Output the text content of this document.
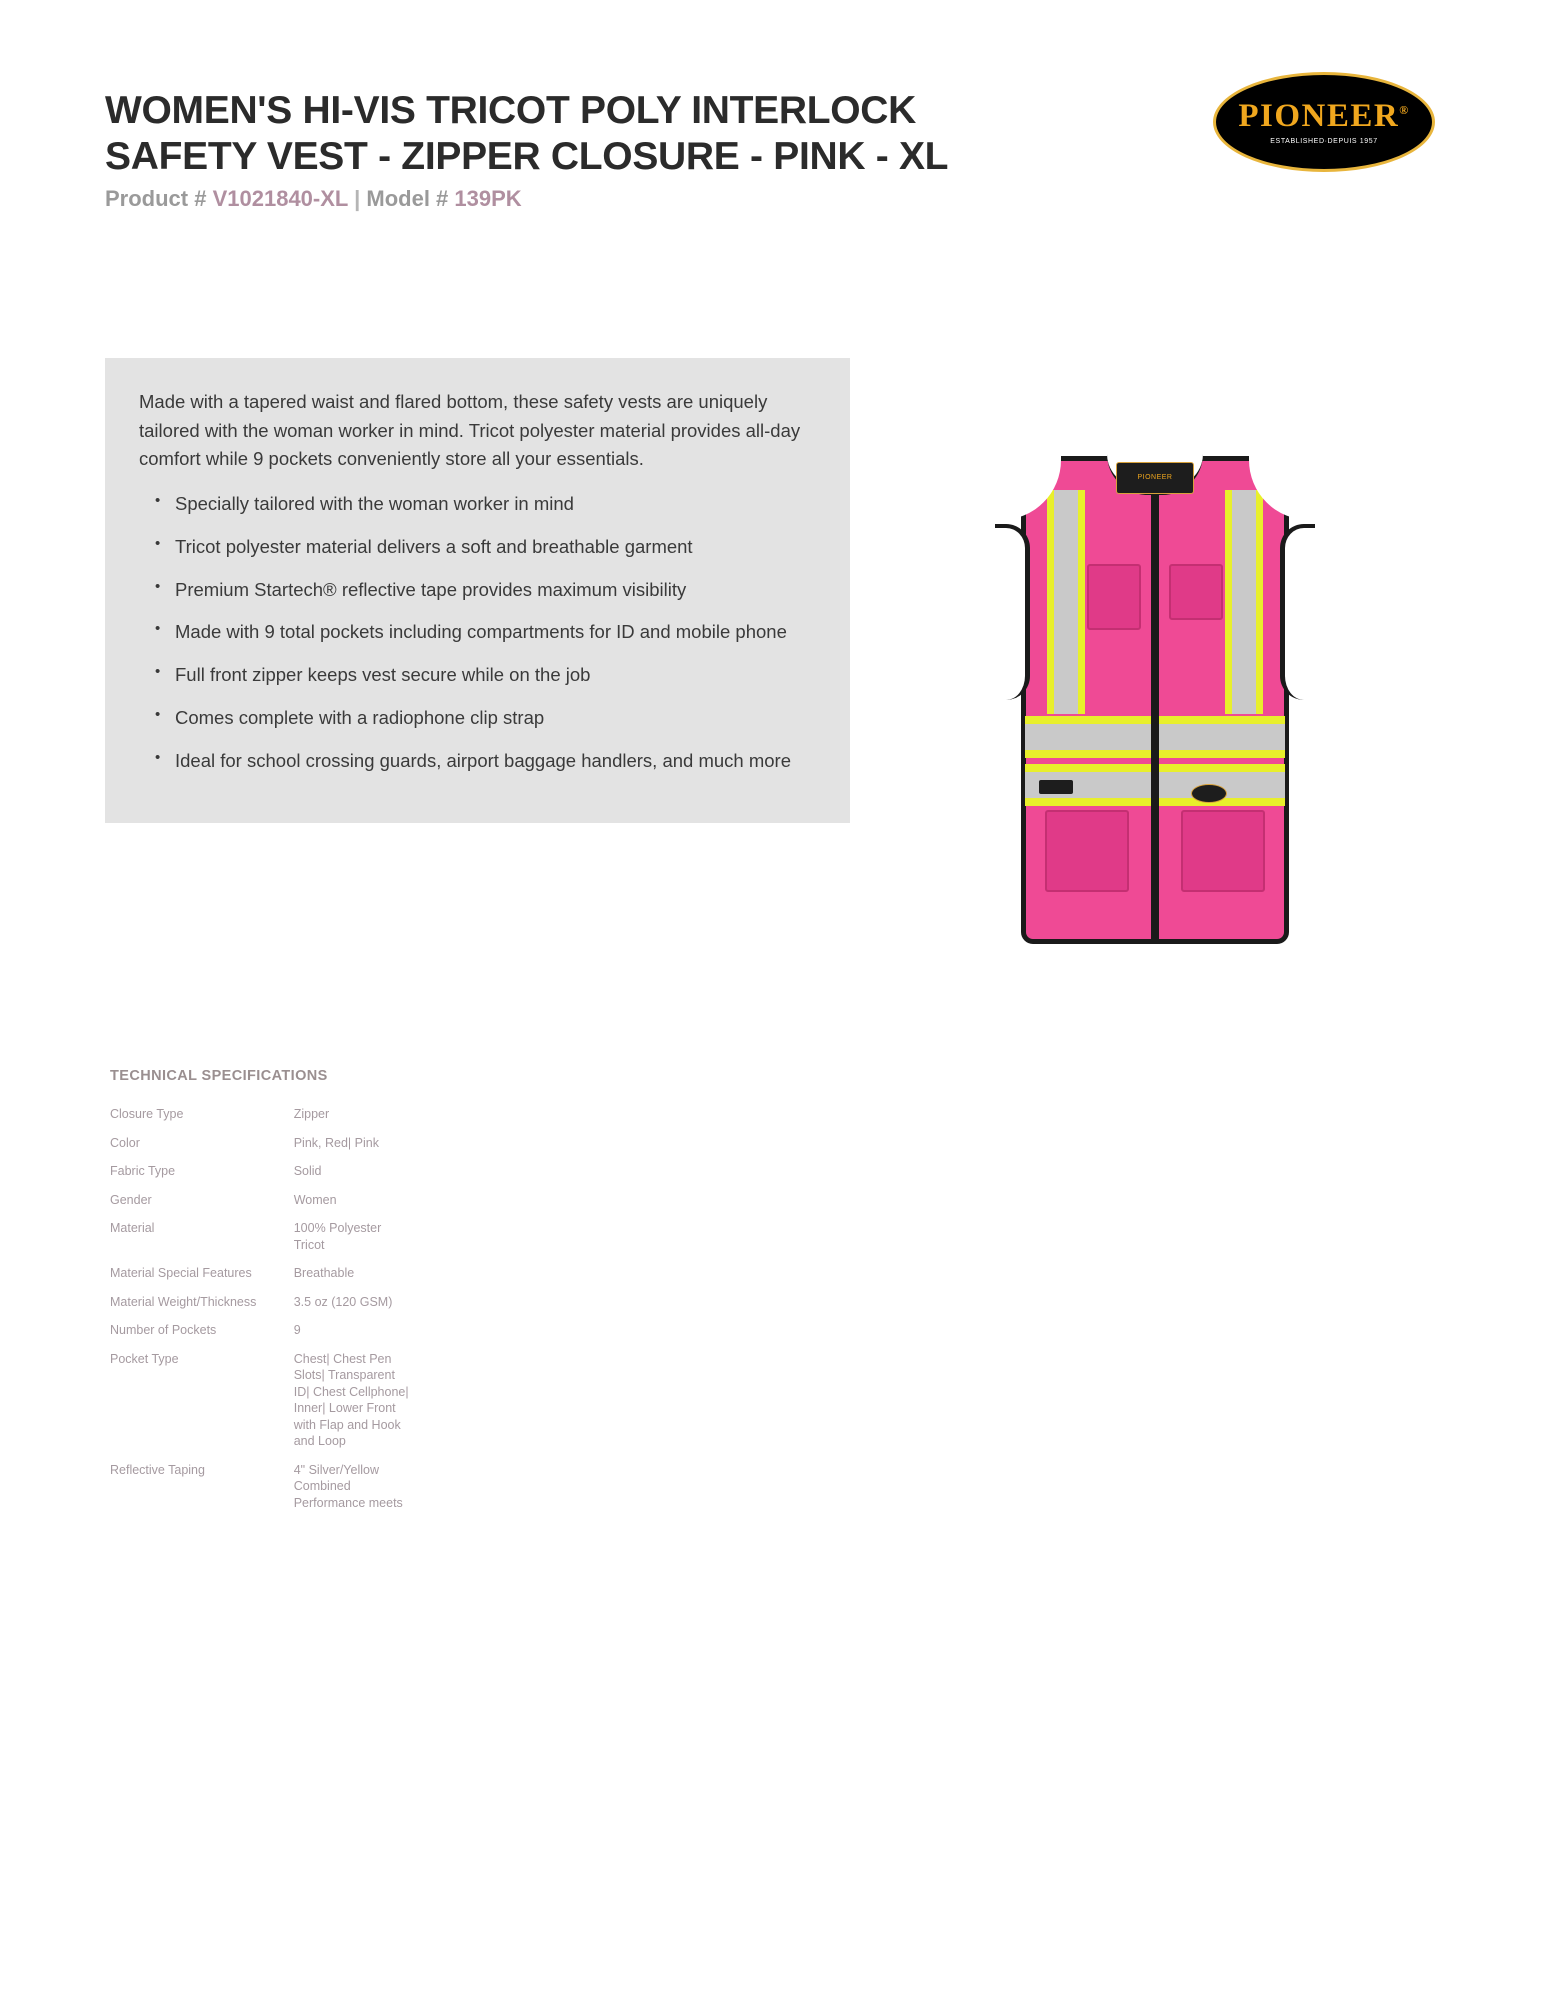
WOMEN'S HI-VIS TRICOT POLY INTERLOCK SAFETY VEST - ZIPPER CLOSURE - PINK - XL
Product # V1021840-XL | Model # 139PK
PIONEER®
ESTABLISHED·DEPUIS 1957

Made with a tapered waist and flared bottom, these safety vests are uniquely tailored with the woman worker in mind. Tricot polyester material provides all-day comfort while 9 pockets conveniently store all your essentials.

• Specially tailored with the woman worker in mind
• Tricot polyester material delivers a soft and breathable garment
• Premium Startech® reflective tape provides maximum visibility
• Made with 9 total pockets including compartments for ID and mobile phone
• Full front zipper keeps vest secure while on the job
• Comes complete with a radiophone clip strap
• Ideal for school crossing guards, airport baggage handlers, and much more
PIONEER
TECHNICAL SPECIFICATIONS
Closure Type	Zipper
Color	Pink, Red| Pink
Fabric Type	Solid
Gender	Women
Material	100% Polyester Tricot
Material Special Features	Breathable
Material Weight/Thickness	3.5 oz (120 GSM)
Number of Pockets	9
Pocket Type	Chest| Chest Pen Slots| Transparent ID| Chest Cellphone| Inner| Lower Front with Flap and Hook and Loop
Reflective Taping	4" Silver/Yellow Combined Performance meets
